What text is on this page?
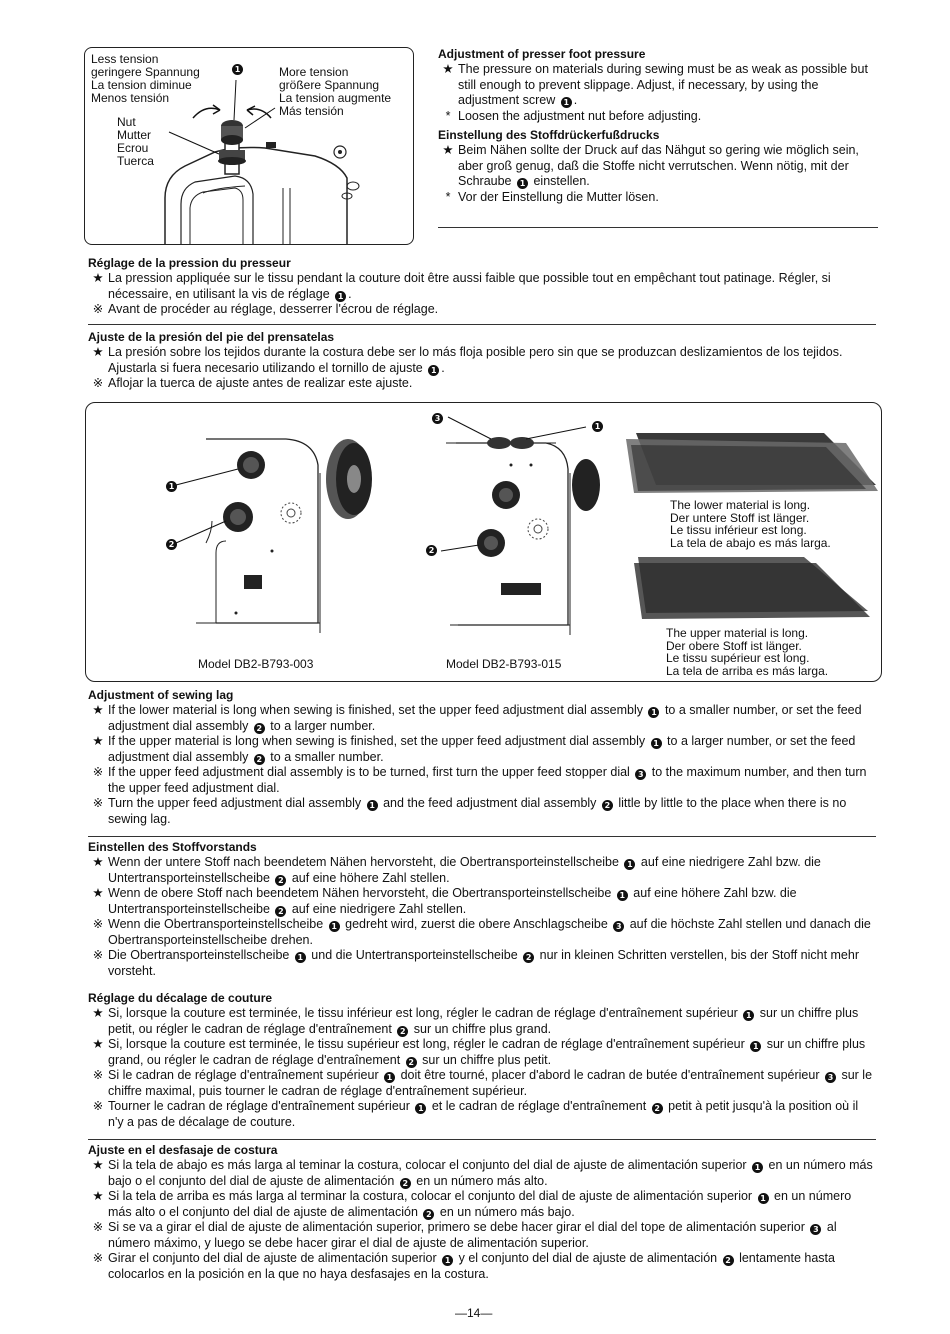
Less tension
geringere Spannung
La tension diminue
Menos tensión
More tension
größere Spannung
La tension augmente
Más tensión
Nut
Mutter
Ecrou
Tuerca
1

Adjustment of presser foot pressure

★ The pressure on materials during sewing must be as weak as possible but still enough to prevent slippage. Adjust, if necessary, by using the adjustment screw 1 .

* Loosen the adjustment nut before adjusting.

Einstellung des Stoffdrückerfußdrucks

★ Beim Nähen sollte der Druck auf das Nähgut so gering wie möglich sein, aber groß genug, daß die Stoffe nicht verrutschen. Wenn nötig, mit der Schraube 1 einstellen.

* Vor der Einstellung die Mutter lösen.

Réglage de la pression du presseur

★ La pression appliquée sur le tissu pendant la couture doit être aussi faible que possible tout en empêchant tout patinage. Régler, si nécessaire, en utilisant la vis de réglage 1 .

※ Avant de procéder au réglage, desserrer l'écrou de réglage.

Ajuste de la presión del pie del prensatelas

★ La presión sobre los tejidos durante la costura debe ser lo más floja posible pero sin que se produzcan deslizamientos de los tejidos. Ajustarla si fuera necesario utilizando el tornillo de ajuste 1 .

※ Aflojar la tuerca de ajuste antes de realizar este ajuste.

1
2
3
1
2
Model DB2-B793-003	Model DB2-B793-015
The lower material is long.
Der untere Stoff ist länger.
Le tissu inférieur est long.
La tela de abajo es más larga.
The upper material is long.
Der obere Stoff ist länger.
Le tissu supérieur est long.
La tela de arriba es más larga.

Adjustment of sewing lag

★ If the lower material is long when sewing is finished, set the upper feed adjustment dial assembly 1 to a smaller number, or set the feed adjustment dial assembly 2 to a larger number.

★ If the upper material is long when sewing is finished, set the upper feed adjustment dial assembly 1 to a larger number, or set the feed adjustment dial assembly 2 to a smaller number.

※ If the upper feed adjustment dial assembly is to be turned, first turn the upper feed stopper dial 3 to the maximum number, and then turn the upper feed adjustment dial.

※ Turn the upper feed adjustment dial assembly 1 and the feed adjustment dial assembly 2 little by little to the place when there is no sewing lag.

Einstellen des Stoffvorstands

★ Wenn der untere Stoff nach beendetem Nähen hervorsteht, die Obertransporteinstellscheibe 1 auf eine niedrigere Zahl bzw. die Untertransporteinstellscheibe 2 auf eine höhere Zahl stellen.

★ Wenn de obere Stoff nach beendetem Nähen hervorsteht, die Obertransporteinstellscheibe 1 auf eine höhere Zahl bzw. die Untertransporteinstellscheibe 2 auf eine niedrigere Zahl stellen.

※ Wenn die Obertransporteinstellscheibe 1 gedreht wird, zuerst die obere Anschlagscheibe 3 auf die höchste Zahl stellen und danach die Obertransporteinstellscheibe drehen.

※ Die Obertransporteinstellscheibe 1 und die Untertransporteinstellscheibe 2 nur in kleinen Schritten verstellen, bis der Stoff nicht mehr vorsteht.

Réglage du décalage de couture

★ Si, lorsque la couture est terminée, le tissu inférieur est long, régler le cadran de réglage d'entraînement supérieur 1 sur un chiffre plus petit, ou régler le cadran de réglage d'entraînement 2 sur un chiffre plus grand.

★ Si, lorsque la couture est terminée, le tissu supérieur est long, régler le cadran de réglage d'entraînement supérieur 1 sur un chiffre plus grand, ou régler le cadran de réglage d'entraînement 2 sur un chiffre plus petit.

※ Si le cadran de réglage d'entraînement supérieur 1 doit être tourné, placer d'abord le cadran de butée d'entraînement supérieur 3 sur le chiffre maximal, puis tourner le cadran de réglage d'entraînement supérieur.

※ Tourner le cadran de réglage d'entraînement supérieur 1 et le cadran de réglage d'entraînement 2 petit à petit jusqu'à la position où il n'y a pas de décalage de couture.

Ajuste en el desfasaje de costura

★ Si la tela de abajo es más larga al teminar la costura, colocar el conjunto del dial de ajuste de alimentación superior 1 en un número más bajo o el conjunto del dial de ajuste de alimentación 2 en un número más alto.

★ Si la tela de arriba es más larga al terminar la costura, colocar el conjunto del dial de ajuste de alimentación superior 1 en un número más alto o el conjunto del dial de ajuste de alimentación 2 en un número más bajo.

※ Si se va a girar el dial de ajuste de alimentación superior, primero se debe hacer girar el dial del tope de alimentación superior 3 al número máximo, y luego se debe hacer girar el dial de ajuste de alimentación superior.

※ Girar el conjunto del dial de ajuste de alimentación superior 1 y el conjunto del dial de ajuste de alimentación 2 lentamente hasta colocarlos en la posición en la que no haya desfasajes en la costura.

—14—
